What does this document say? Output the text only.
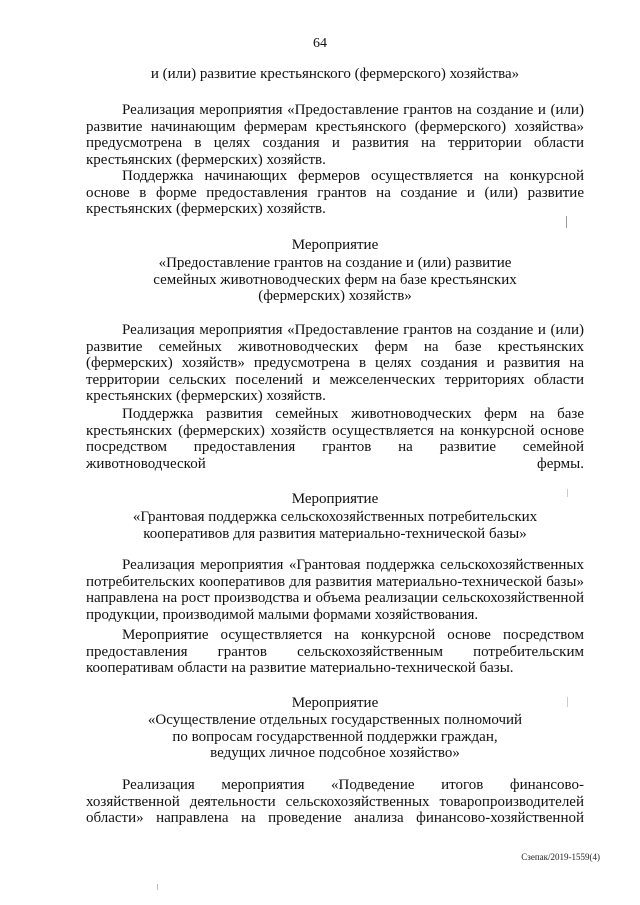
64
и (или) развитие крестьянского (фермерского) хозяйства»
Реализация мероприятия «Предоставление грантов на создание и (или) развитие начинающим фермерам крестьянского (фермерского) хозяйства» предусмотрена в целях создания и развития на территории области крестьянских (фермерских) хозяйств.
Поддержка начинающих фермеров осуществляется на конкурсной основе в форме предоставления грантов на создание и (или) развитие крестьянских (фермерских) хозяйств.
Мероприятие
«Предоставление грантов на создание и (или) развитие
семейных животноводческих ферм на базе крестьянских
(фермерских) хозяйств»
Реализация мероприятия «Предоставление грантов на создание и (или) развитие семейных животноводческих ферм на базе крестьянских (фермерских) хозяйств» предусмотрена в целях создания и развития на территории сельских поселений и межселенческих территориях области крестьянских (фермерских) хозяйств.
Поддержка развития семейных животноводческих ферм на базе крестьянских (фермерских) хозяйств осуществляется на конкурсной основе посредством предоставления грантов на развитие семейной животноводческой фермы.
Мероприятие
«Грантовая поддержка сельскохозяйственных потребительских
кооперативов для развития материально-технической базы»
Реализация мероприятия «Грантовая поддержка сельскохозяйственных потребительских кооперативов для развития материально-технической базы» направлена на рост производства и объема реализации сельскохозяйственной продукции, производимой малыми формами хозяйствования.
Мероприятие осуществляется на конкурсной основе посредством предоставления грантов сельскохозяйственным потребительским кооперативам области на развитие материально-технической базы.
Мероприятие
«Осуществление отдельных государственных полномочий
по вопросам государственной поддержки граждан,
ведущих личное подсобное хозяйство»
Реализация мероприятия «Подведение итогов финансово-хозяйственной деятельности сельскохозяйственных товаропроизводителей области» направлена на проведение анализа финансово-хозяйственной
Сзепак/2019-1559(4)
